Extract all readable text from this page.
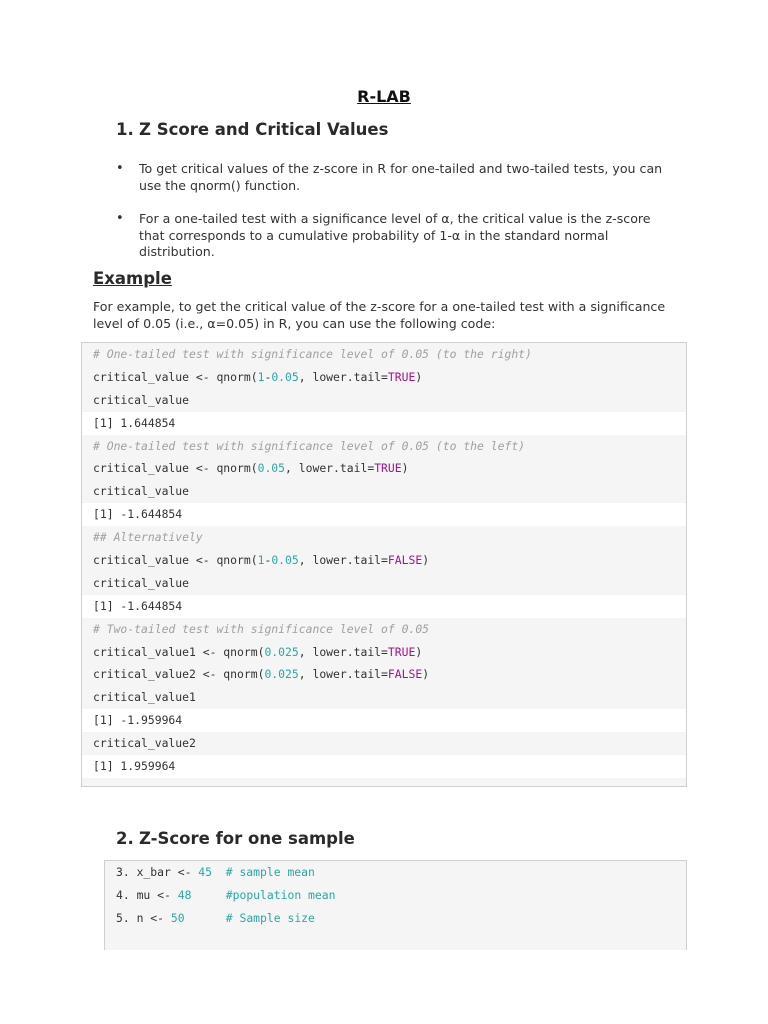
R-LAB
1. Z Score and Critical Values
• To get critical values of the z-score in R for one-tailed and two-tailed tests, you can use the qnorm() function.
• For a one-tailed test with a significance level of α, the critical value is the z-score that corresponds to a cumulative probability of 1-α in the standard normal distribution.
Example

For example, to get the critical value of the z-score for a one-tailed test with a significance level of 0.05 (i.e., α=0.05) in R, you can use the following code:

# One-tailed test with significance level of 0.05 (to the right)
critical_value <- qnorm(1-0.05, lower.tail=TRUE)
critical_value
[1] 1.644854
# One-tailed test with significance level of 0.05 (to the left)
critical_value <- qnorm(0.05, lower.tail=TRUE)
critical_value
[1] -1.644854
## Alternatively
critical_value <- qnorm(1-0.05, lower.tail=FALSE)
critical_value
[1] -1.644854
# Two-tailed test with significance level of 0.05
critical_value1 <- qnorm(0.025, lower.tail=TRUE)
critical_value2 <- qnorm(0.025, lower.tail=FALSE)
critical_value1
[1] -1.959964
critical_value2
[1] 1.959964
2. Z-Score for one sample
3. x_bar <- 45 # sample mean
4. mu <- 48	#population mean
5. n <- 50	# Sample size
